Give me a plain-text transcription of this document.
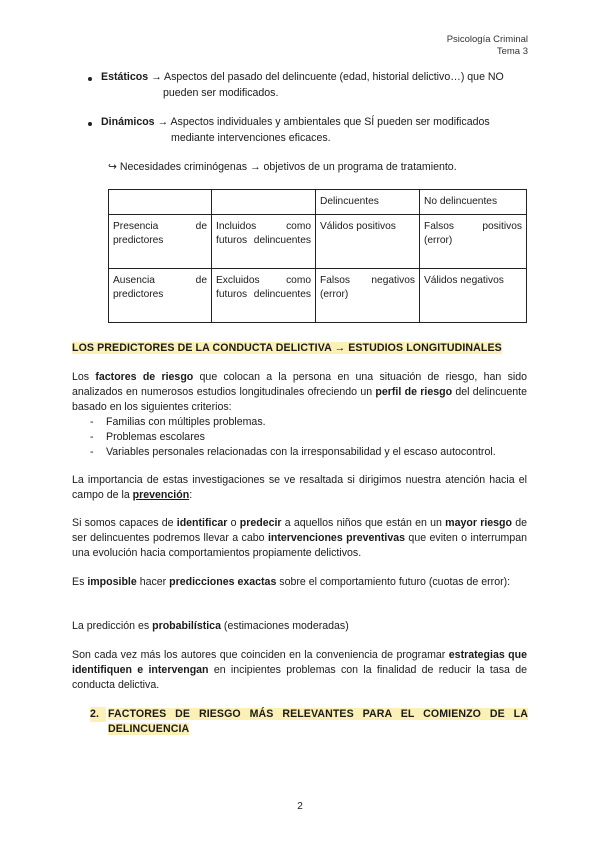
Psicología Criminal
Tema 3
Estáticos → Aspectos del pasado del delincuente (edad, historial delictivo…) que NO
pueden ser modificados.
Dinámicos → Aspectos individuales y ambientales que SÍ pueden ser modificados
mediante intervenciones eficaces.
↪ Necesidades criminógenas → objetivos de un programa de tratamiento.
		Delincuentes	No delincuentes
Presencia de predictores	Incluidos como futuros delincuentes	Válidos positivos	Falsos positivos (error)
Ausencia de predictores	Excluidos como futuros delincuentes	Falsos negativos (error)	Válidos negativos
LOS PREDICTORES DE LA CONDUCTA DELICTIVA → ESTUDIOS LONGITUDINALES
Los factores de riesgo que colocan a la persona en una situación de riesgo, han sido analizados en numerosos estudios longitudinales ofreciendo un perfil de riesgo del delincuente basado en los siguientes criterios:
- Familias con múltiples problemas.
- Problemas escolares
- Variables personales relacionadas con la irresponsabilidad y el escaso autocontrol.
La importancia de estas investigaciones se ve resaltada si dirigimos nuestra atención hacia el campo de la prevención:
Si somos capaces de identificar o predecir a aquellos niños que están en un mayor riesgo de ser delincuentes podremos llevar a cabo intervenciones preventivas que eviten o interrumpan una evolución hacia comportamientos propiamente delictivos.
Es imposible hacer predicciones exactas sobre el comportamiento futuro (cuotas de error):
La predicción es probabilística (estimaciones moderadas)
Son cada vez más los autores que coinciden en la conveniencia de programar estrategias que identifiquen e intervengan en incipientes problemas con la finalidad de reducir la tasa de conducta delictiva.
2. FACTORES DE RIESGO MÁS RELEVANTES PARA EL COMIENZO DE LA
DELINCUENCIA
2
